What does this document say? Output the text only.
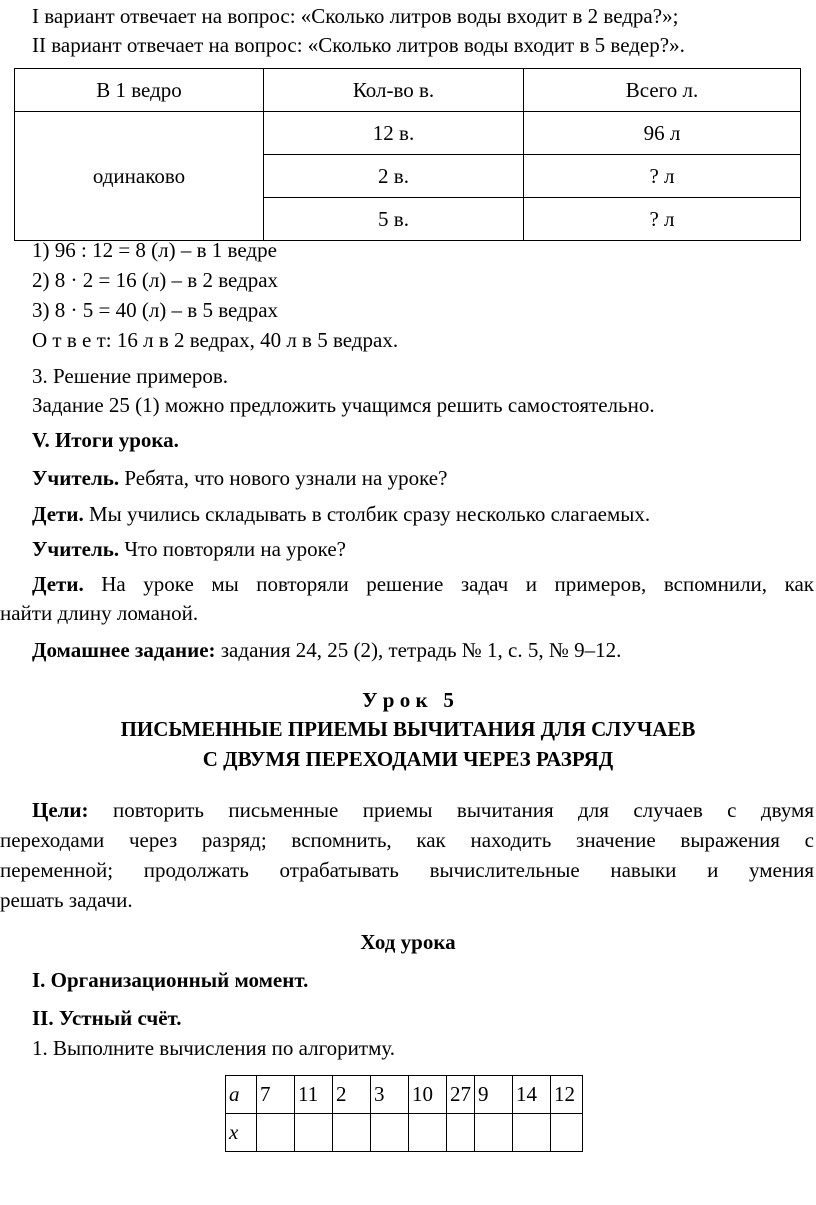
I вариант отвечает на вопрос: «Сколько литров воды входит в 2 ведра?»;
II вариант отвечает на вопрос: «Сколько литров воды входит в 5 ведер?».
В 1 ведро	Кол-во в.	Всего л.
одинаково	12 в.	96 л
	2 в.	? л
	5 в.	? л
1) 96 : 12 = 8 (л) – в 1 ведре
2) 8 · 2 = 16 (л) – в 2 ведрах
3) 8 · 5 = 40 (л) – в 5 ведрах
О т в е т: 16 л в 2 ведрах, 40 л в 5 ведрах.
3. Решение примеров.
Задание 25 (1) можно предложить учащимся решить самостоятельно.
V. Итоги урока.
Учитель. Ребята, что нового узнали на уроке?
Дети. Мы учились складывать в столбик сразу несколько слагаемых.
Учитель. Что повторяли на уроке?
Дети. На уроке мы повторяли решение задач и примеров, вспомнили, как
найти длину ломаной.
Домашнее задание: задания 24, 25 (2), тетрадь № 1, с. 5, № 9–12.
У р о к   5
ПИСЬМЕННЫЕ ПРИЕМЫ ВЫЧИТАНИЯ ДЛЯ СЛУЧАЕВ
С ДВУМЯ ПЕРЕХОДАМИ ЧЕРЕЗ РАЗРЯД
Цели: повторить письменные приемы вычитания для случаев с двумя
переходами через разряд; вспомнить, как находить значение выражения с
переменной; продолжать отрабатывать вычислительные навыки и умения
решать задачи.
Ход урока
I. Организационный момент.
II. Устный счёт.
1. Выполните вычисления по алгоритму.
a	7	11	2	3	10	27	9	14	12
x									
